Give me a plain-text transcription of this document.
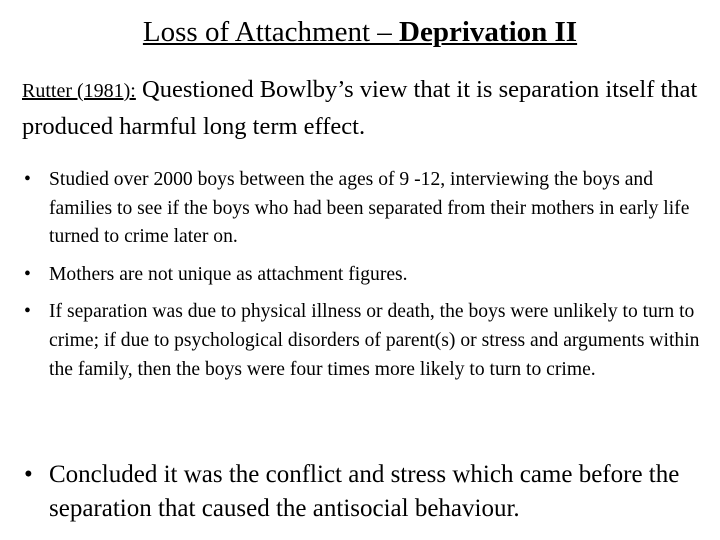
Loss of Attachment – Deprivation II
Rutter (1981): Questioned Bowlby’s view that it is separation itself that produced harmful long term effect.
• Studied over 2000 boys between the ages of 9 -12, interviewing the boys and families to see if the boys who had been separated from their mothers in early life turned to crime later on.
• Mothers are not unique as attachment figures.
• If separation was due to physical illness or death, the boys were unlikely to turn to crime; if due to psychological disorders of parent(s) or stress and arguments within the family, then the boys were four times more likely to turn to crime.
• Concluded it was the conflict and stress which came before the separation that caused the antisocial behaviour.
